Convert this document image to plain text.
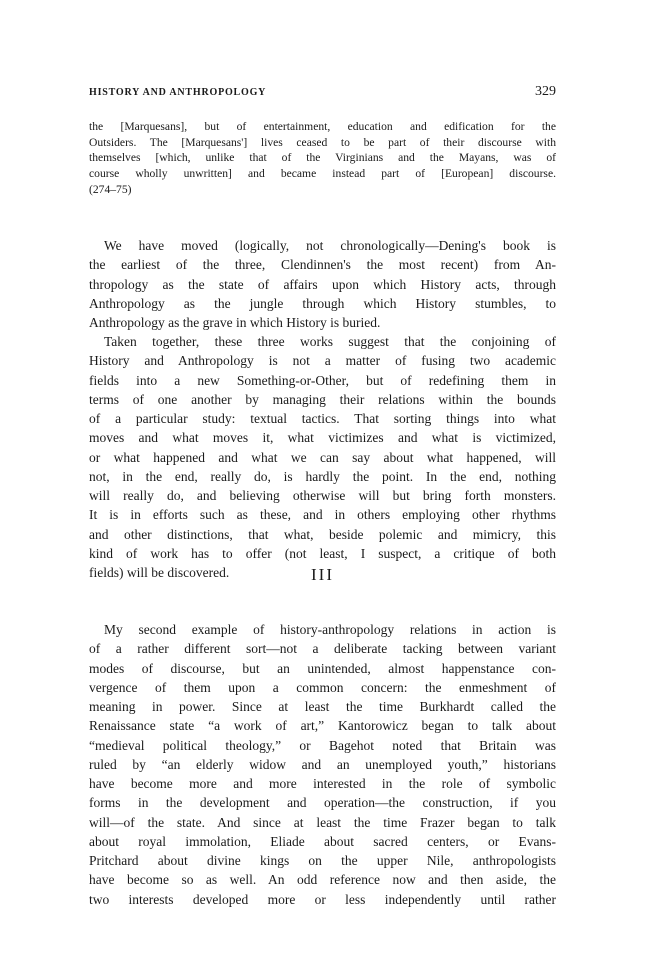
HISTORY AND ANTHROPOLOGY	329
the [Marquesans], but of entertainment, education and edification for the
Outsiders. The [Marquesans'] lives ceased to be part of their discourse with
themselves [which, unlike that of the Virginians and the Mayans, was of
course wholly unwritten] and became instead part of [European] discourse.
(274–75)
We have moved (logically, not chronologically—Dening's book is
the earliest of the three, Clendinnen's the most recent) from An-
thropology as the state of affairs upon which History acts, through
Anthropology as the jungle through which History stumbles, to
Anthropology as the grave in which History is buried.
Taken together, these three works suggest that the conjoining of
History and Anthropology is not a matter of fusing two academic
fields into a new Something-or-Other, but of redefining them in
terms of one another by managing their relations within the bounds
of a particular study: textual tactics. That sorting things into what
moves and what moves it, what victimizes and what is victimized,
or what happened and what we can say about what happened, will
not, in the end, really do, is hardly the point. In the end, nothing
will really do, and believing otherwise will but bring forth monsters.
It is in efforts such as these, and in others employing other rhythms
and other distinctions, that what, beside polemic and mimicry, this
kind of work has to offer (not least, I suspect, a critique of both
fields) will be discovered.	III
My second example of history-anthropology relations in action is
of a rather different sort—not a deliberate tacking between variant
modes of discourse, but an unintended, almost happenstance con-
vergence of them upon a common concern: the enmeshment of
meaning in power. Since at least the time Burkhardt called the
Renaissance state “a work of art,” Kantorowicz began to talk about
“medieval political theology,” or Bagehot noted that Britain was
ruled by “an elderly widow and an unemployed youth,” historians
have become more and more interested in the role of symbolic
forms in the development and operation—the construction, if you
will—of the state. And since at least the time Frazer began to talk
about royal immolation, Eliade about sacred centers, or Evans-
Pritchard about divine kings on the upper Nile, anthropologists
have become so as well. An odd reference now and then aside, the
two interests developed more or less independently until rather
